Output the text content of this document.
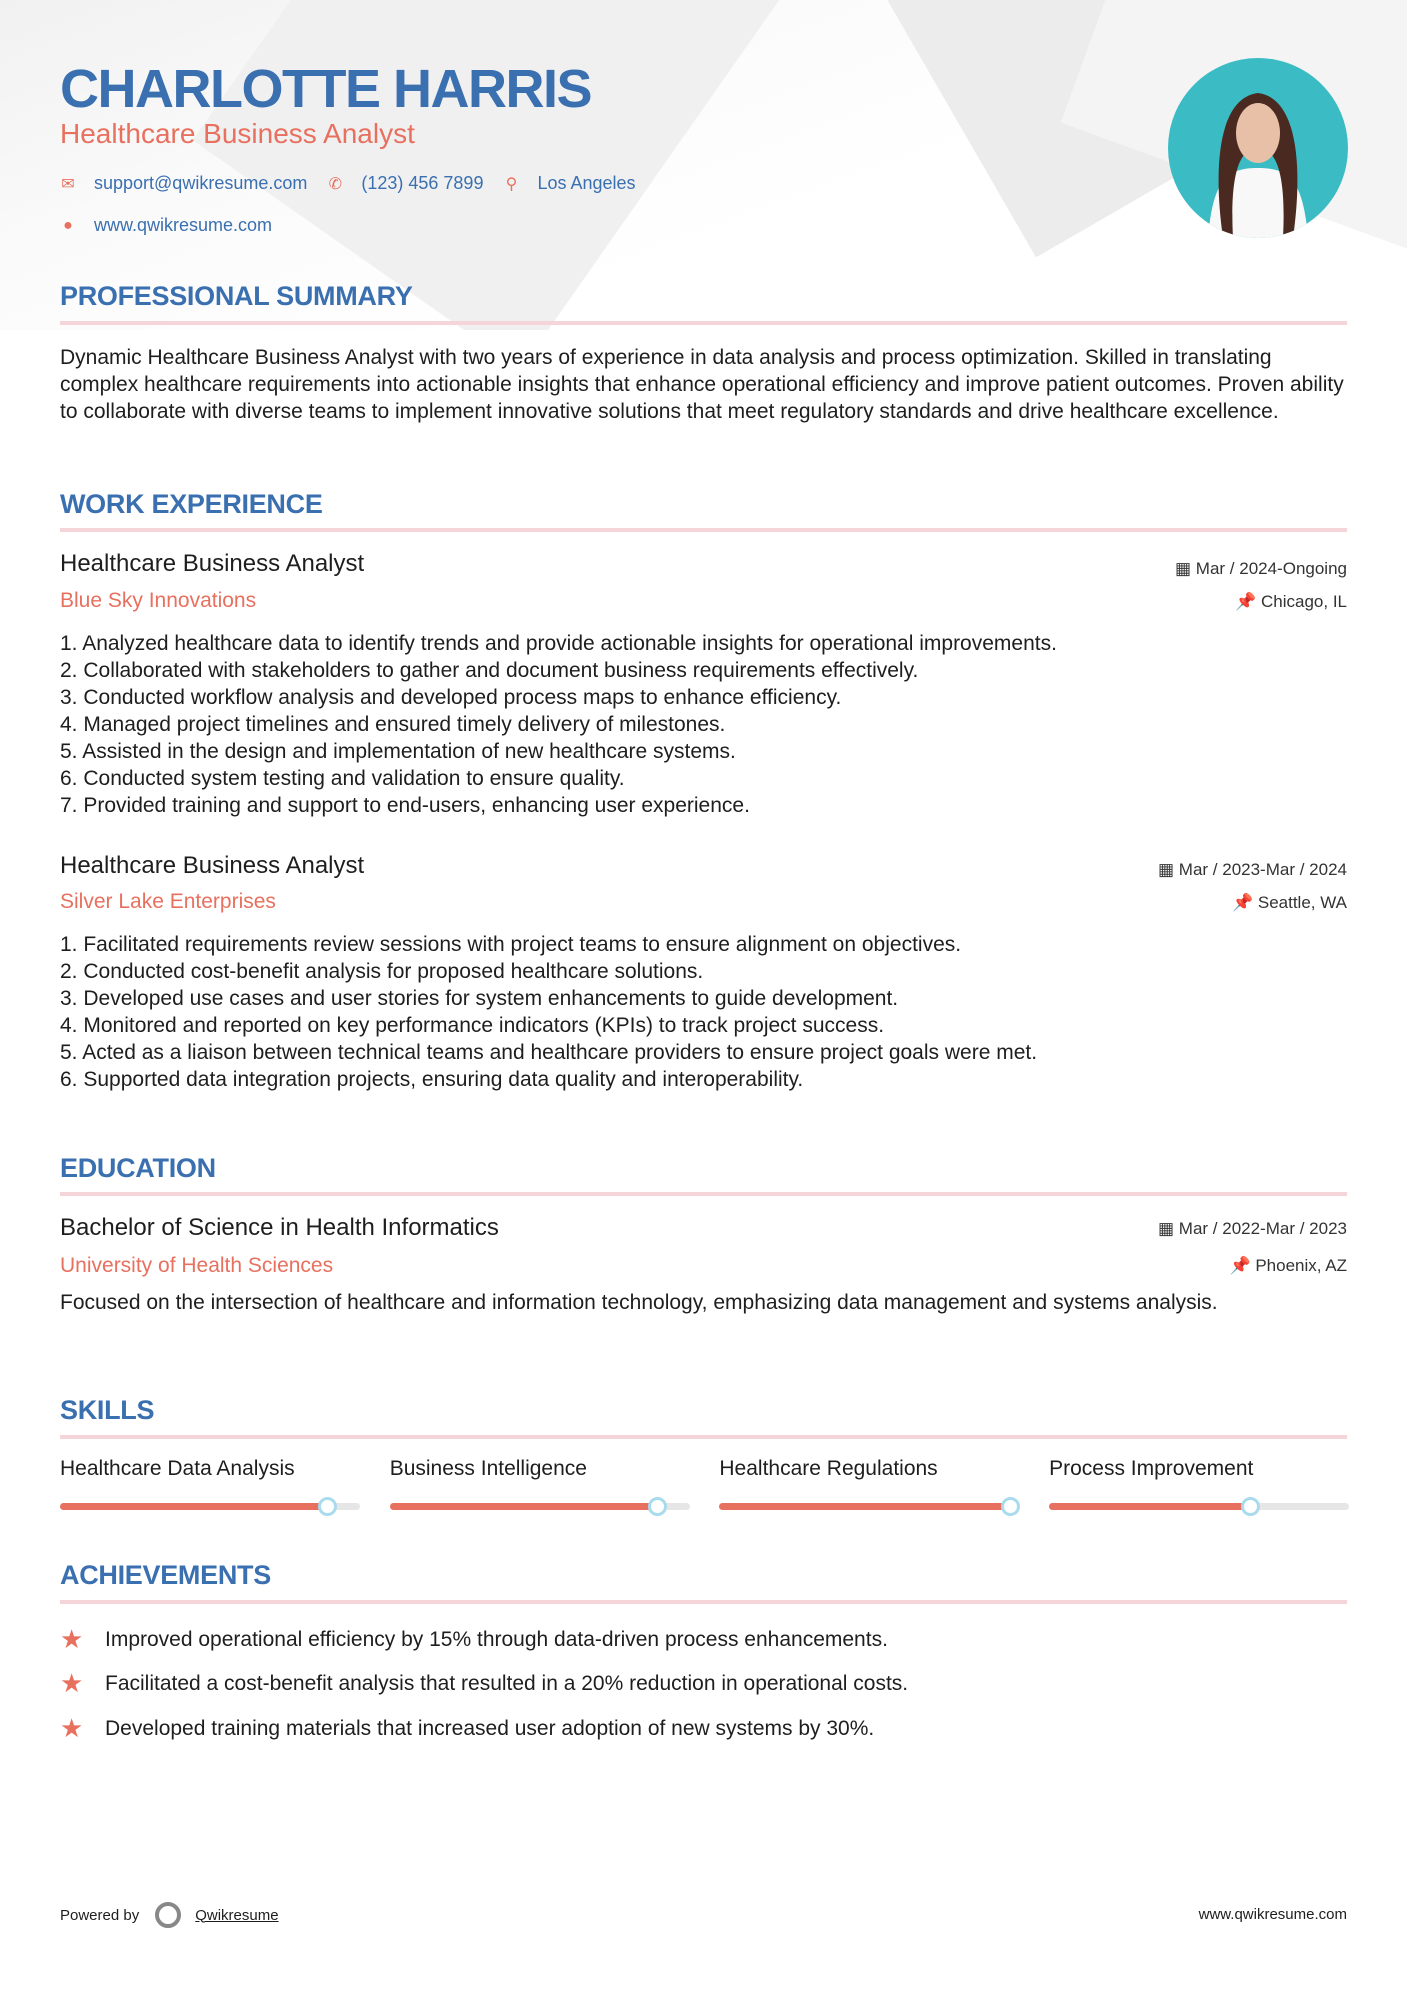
CHARLOTTE HARRIS
Healthcare Business Analyst
✉ support@qwikresume.com ✆ (123) 456 7899 ⚲ Los Angeles
● www.qwikresume.com
PROFESSIONAL SUMMARY
Dynamic Healthcare Business Analyst with two years of experience in data analysis and process optimization. Skilled in translating complex healthcare requirements into actionable insights that enhance operational efficiency and improve patient outcomes. Proven ability to collaborate with diverse teams to implement innovative solutions that meet regulatory standards and drive healthcare excellence.
WORK EXPERIENCE
Healthcare Business Analyst	▦ Mar / 2024-Ongoing
Blue Sky Innovations	📌 Chicago, IL
1. Analyzed healthcare data to identify trends and provide actionable insights for operational improvements.
2. Collaborated with stakeholders to gather and document business requirements effectively.
3. Conducted workflow analysis and developed process maps to enhance efficiency.
4. Managed project timelines and ensured timely delivery of milestones.
5. Assisted in the design and implementation of new healthcare systems.
6. Conducted system testing and validation to ensure quality.
7. Provided training and support to end-users, enhancing user experience.
Healthcare Business Analyst	▦ Mar / 2023-Mar / 2024
Silver Lake Enterprises	📌 Seattle, WA
1. Facilitated requirements review sessions with project teams to ensure alignment on objectives.
2. Conducted cost-benefit analysis for proposed healthcare solutions.
3. Developed use cases and user stories for system enhancements to guide development.
4. Monitored and reported on key performance indicators (KPIs) to track project success.
5. Acted as a liaison between technical teams and healthcare providers to ensure project goals were met.
6. Supported data integration projects, ensuring data quality and interoperability.
EDUCATION
Bachelor of Science in Health Informatics	▦ Mar / 2022-Mar / 2023
University of Health Sciences	📌 Phoenix, AZ
Focused on the intersection of healthcare and information technology, emphasizing data management and systems analysis.
SKILLS
Healthcare Data Analysis	Business Intelligence	Healthcare Regulations	Process Improvement
ACHIEVEMENTS
★	Improved operational efficiency by 15% through data-driven process enhancements.
★	Facilitated a cost-benefit analysis that resulted in a 20% reduction in operational costs.
★	Developed training materials that increased user adoption of new systems by 30%.
Powered by	Qwikresume	www.qwikresume.com
